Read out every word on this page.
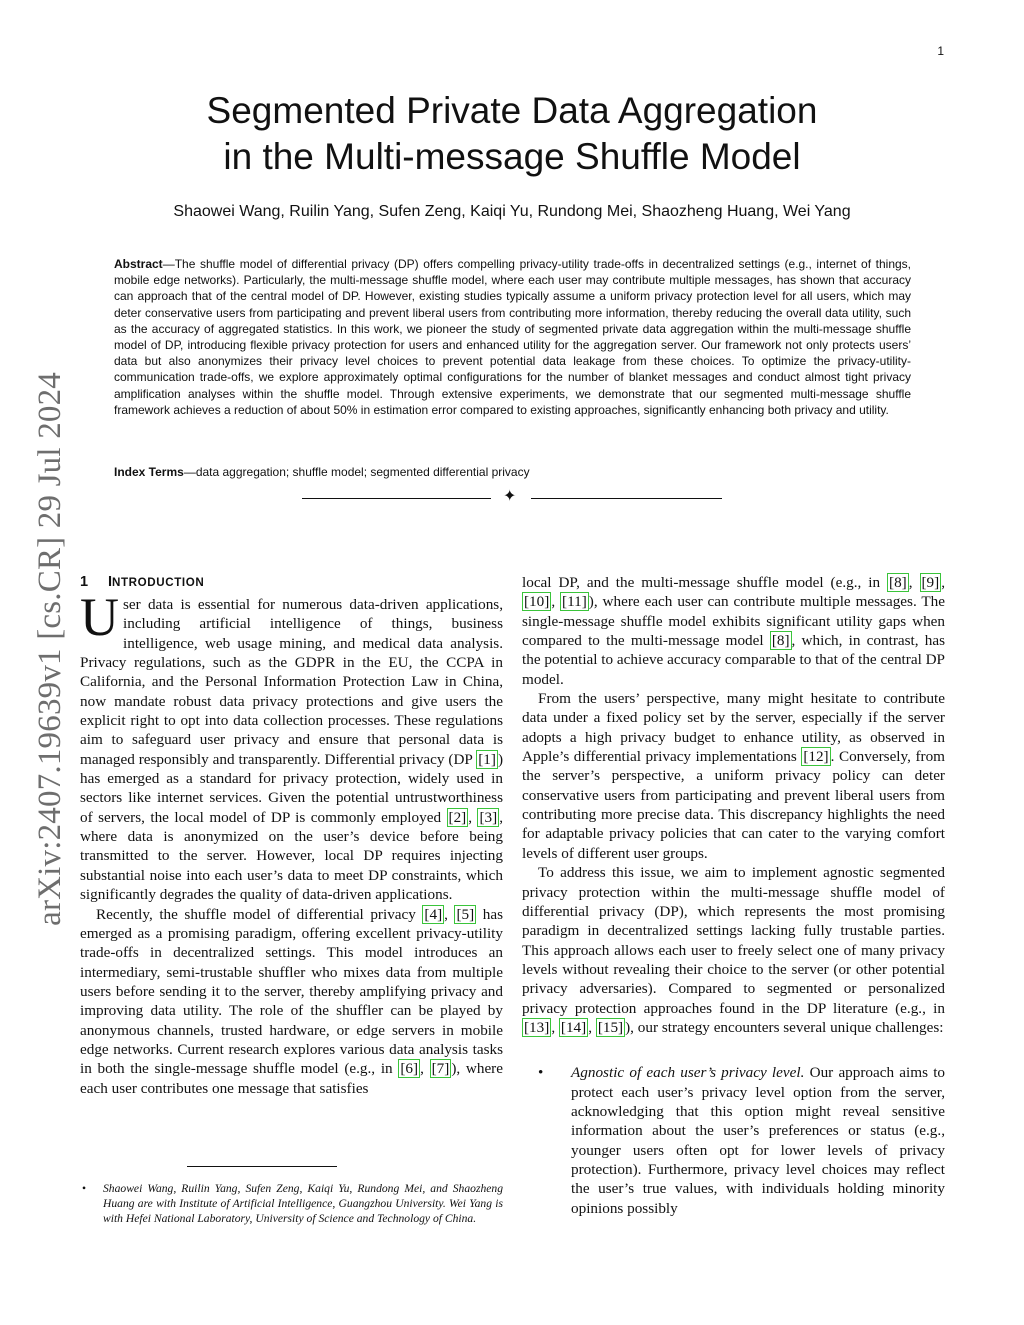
1
arXiv:2407.19639v1 [cs.CR] 29 Jul 2024
Segmented Private Data Aggregation
in the Multi-message Shuffle Model
Shaowei Wang, Ruilin Yang, Sufen Zeng, Kaiqi Yu, Rundong Mei, Shaozheng Huang, Wei Yang
Abstract—The shuffle model of differential privacy (DP) offers compelling privacy-utility trade-offs in decentralized settings (e.g., internet of things, mobile edge networks). Particularly, the multi-message shuffle model, where each user may contribute multiple messages, has shown that accuracy can approach that of the central model of DP. However, existing studies typically assume a uniform privacy protection level for all users, which may deter conservative users from participating and prevent liberal users from contributing more information, thereby reducing the overall data utility, such as the accuracy of aggregated statistics. In this work, we pioneer the study of segmented private data aggregation within the multi-message shuffle model of DP, introducing flexible privacy protection for users and enhanced utility for the aggregation server. Our framework not only protects users’ data but also anonymizes their privacy level choices to prevent potential data leakage from these choices. To optimize the privacy-utility-communication trade-offs, we explore approximately optimal configurations for the number of blanket messages and conduct almost tight privacy amplification analyses within the shuffle model. Through extensive experiments, we demonstrate that our segmented multi-message shuffle framework achieves a reduction of about 50% in estimation error compared to existing approaches, significantly enhancing both privacy and utility.
Index Terms—data aggregation; shuffle model; segmented differential privacy
✦
1 INTRODUCTION

User data is essential for numerous data-driven applications, including artificial intelligence of things, business intelligence, web usage mining, and medical data analysis. Privacy regulations, such as the GDPR in the EU, the CCPA in California, and the Personal Information Protection Law in China, now mandate robust data privacy protections and give users the explicit right to opt into data collection processes. These regulations aim to safeguard user privacy and ensure that personal data is managed responsibly and transparently. Differential privacy (DP [1] ) has emerged as a standard for privacy protection, widely used in sectors like internet services. Given the potential untrustworthiness of servers, the local model of DP is commonly employed [2] , [3] , where data is anonymized on the user’s device before being transmitted to the server. However, local DP requires injecting substantial noise into each user’s data to meet DP constraints, which significantly degrades the quality of data-driven applications.

Recently, the shuffle model of differential privacy [4] , [5] has emerged as a promising paradigm, offering excellent privacy-utility trade-offs in decentralized settings. This model introduces an intermediary, semi-trustable shuffler who mixes data from multiple users before sending it to the server, thereby amplifying privacy and improving data utility. The role of the shuffler can be played by anonymous channels, trusted hardware, or edge servers in mobile edge networks. Current research explores various data analysis tasks in both the single-message shuffle model (e.g., in [6] , [7] ), where each user contributes one message that satisfies

local DP, and the multi-message shuffle model (e.g., in [8] , [9] , [10] , [11] ), where each user can contribute multiple messages. The single-message shuffle model exhibits significant utility gaps when compared to the multi-message model [8] , which, in contrast, has the potential to achieve accuracy comparable to that of the central DP model.

From the users’ perspective, many might hesitate to contribute data under a fixed policy set by the server, especially if the server adopts a high privacy budget to enhance utility, as observed in Apple’s differential privacy implementations [12] . Conversely, from the server’s perspective, a uniform privacy policy can deter conservative users from participating and prevent liberal users from contributing more precise data. This discrepancy highlights the need for adaptable privacy policies that can cater to the varying comfort levels of different user groups.

To address this issue, we aim to implement agnostic segmented privacy protection within the multi-message shuffle model of differential privacy (DP), which represents the most promising paradigm in decentralized settings lacking fully trustable parties. This approach allows each user to freely select one of many privacy levels without revealing their choice to the server (or other potential privacy adversaries). Compared to segmented or personalized privacy protection approaches found in the DP literature (e.g., in [13] , [14] , [15] ), our strategy encounters several unique challenges:

• Agnostic of each user’s privacy level. Our approach aims to protect each user’s privacy level option from the server, acknowledging that this option might reveal sensitive information about the user’s preferences or status (e.g., younger users often opt for lower levels of privacy protection). Furthermore, privacy level choices may reflect the user’s true values, with individuals holding minority opinions possibly
• Shaowei Wang, Ruilin Yang, Sufen Zeng, Kaiqi Yu, Rundong Mei, and Shaozheng Huang are with Institute of Artificial Intelligence, Guangzhou University. Wei Yang is with Hefei National Laboratory, University of Science and Technology of China.
